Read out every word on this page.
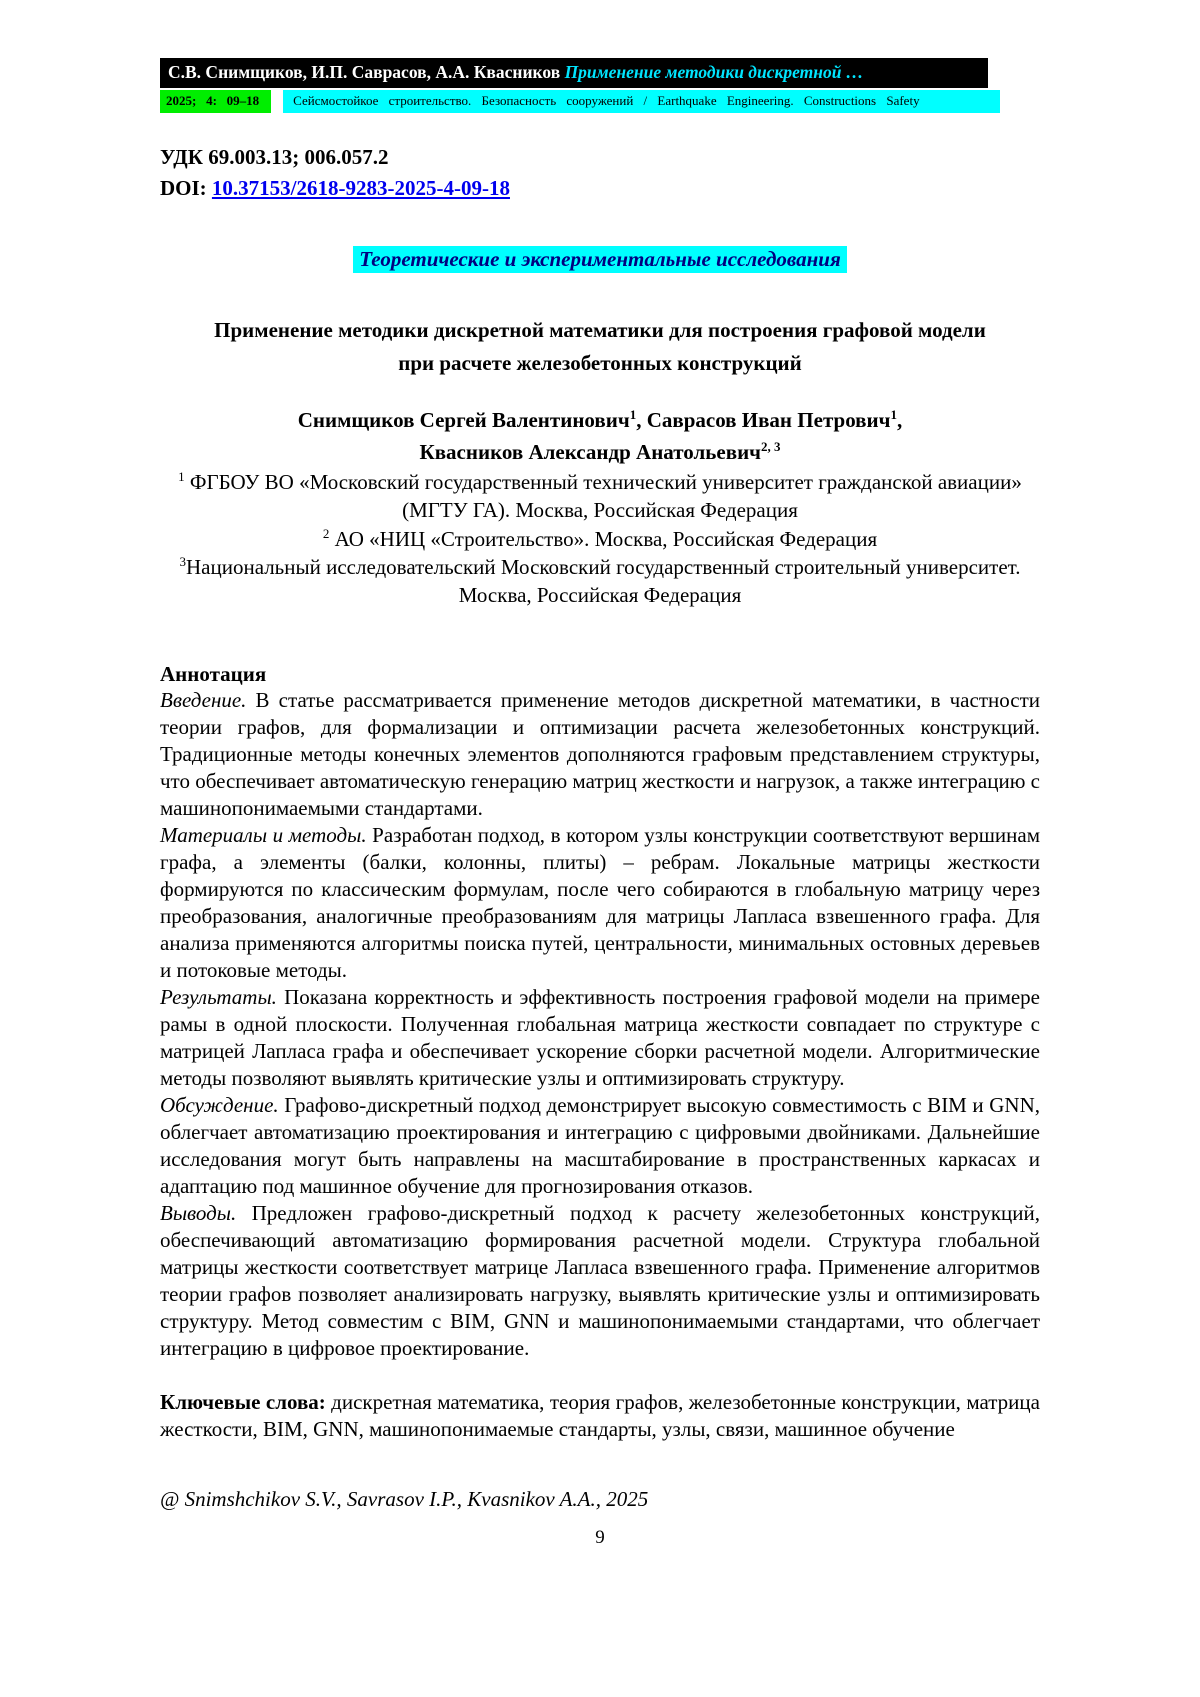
С.В. Снимщиков, И.П. Саврасов, А.А. Квасников Применение методики дискретной …
2025;   4:   09–18	Сейсмостойкое строительство. Безопасность сооружений / Earthquake Engineering. Constructions Safety
УДК 69.003.13; 006.057.2
DOI: 10.37153/2618-9283-2025-4-09-18
Теоретические и экспериментальные исследования
Применение методики дискретной математики для построения графовой модели
при расчете железобетонных конструкций
Снимщиков Сергей Валентинович$^1$, Саврасов Иван Петрович$^1$,
Квасников Александр Анатольевич$^{2, 3}$
$^1$ ФГБОУ ВО «Московский государственный технический университет гражданской авиации» (МГТУ ГА). Москва, Российская Федерация
$^2$ АО «НИЦ «Строительство». Москва, Российская Федерация
$^3$Национальный исследовательский Московский государственный строительный университет. Москва, Российская Федерация
Аннотация

Введение. В статье рассматривается применение методов дискретной математики, в частности теории графов, для формализации и оптимизации расчета железобетонных конструкций. Традиционные методы конечных элементов дополняются графовым представлением структуры, что обеспечивает автоматическую генерацию матриц жесткости и нагрузок, а также интеграцию с машинопонимаемыми стандартами.

Материалы и методы. Разработан подход, в котором узлы конструкции соответствуют вершинам графа, а элементы (балки, колонны, плиты) – ребрам. Локальные матрицы жесткости формируются по классическим формулам, после чего собираются в глобальную матрицу через преобразования, аналогичные преобразованиям для матрицы Лапласа взвешенного графа. Для анализа применяются алгоритмы поиска путей, центральности, минимальных остовных деревьев и потоковые методы.

Результаты. Показана корректность и эффективность построения графовой модели на примере рамы в одной плоскости. Полученная глобальная матрица жесткости совпадает по структуре с матрицей Лапласа графа и обеспечивает ускорение сборки расчетной модели. Алгоритмические методы позволяют выявлять критические узлы и оптимизировать структуру.

Обсуждение. Графово-дискретный подход демонстрирует высокую совместимость с BIM и GNN, облегчает автоматизацию проектирования и интеграцию с цифровыми двойниками. Дальнейшие исследования могут быть направлены на масштабирование в пространственных каркасах и адаптацию под машинное обучение для прогнозирования отказов.

Выводы. Предложен графово-дискретный подход к расчету железобетонных конструкций, обеспечивающий автоматизацию формирования расчетной модели. Структура глобальной матрицы жесткости соответствует матрице Лапласа взвешенного графа. Применение алгоритмов теории графов позволяет анализировать нагрузку, выявлять критические узлы и оптимизировать структуру. Метод совместим с BIM, GNN и машинопонимаемыми стандартами, что облегчает интеграцию в цифровое проектирование.

Ключевые слова: дискретная математика, теория графов, железобетонные конструкции, матрица жесткости, BIM, GNN, машинопонимаемые стандарты, узлы, связи, машинное обучение

@ Snimshchikov S.V., Savrasov I.P., Kvasnikov A.A., 2025
9
